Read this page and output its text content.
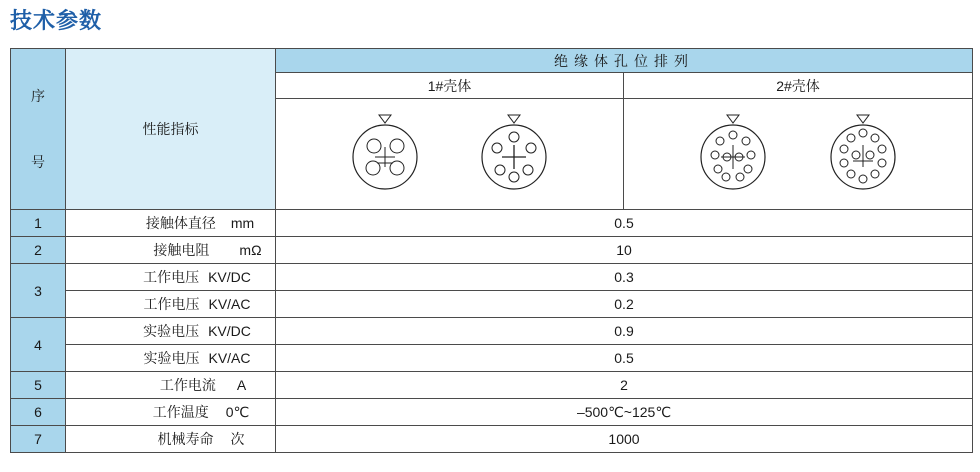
技术参数
序
号	性能指标	绝缘体孔位排列	
		1#壳体	2#壳体

1	接触体直径 mm	0.5	
2	接触电阻 mΩ	10	
3	工作电压 KV/DC	0.3	
	工作电压 KV/AC	0.2	
4	实验电压 KV/DC	0.9	
	实验电压 KV/AC	0.5	
5	工作电流 A	2	
6	工作温度 0℃	–500℃~125℃	
7	机械寿命 次	1000	
